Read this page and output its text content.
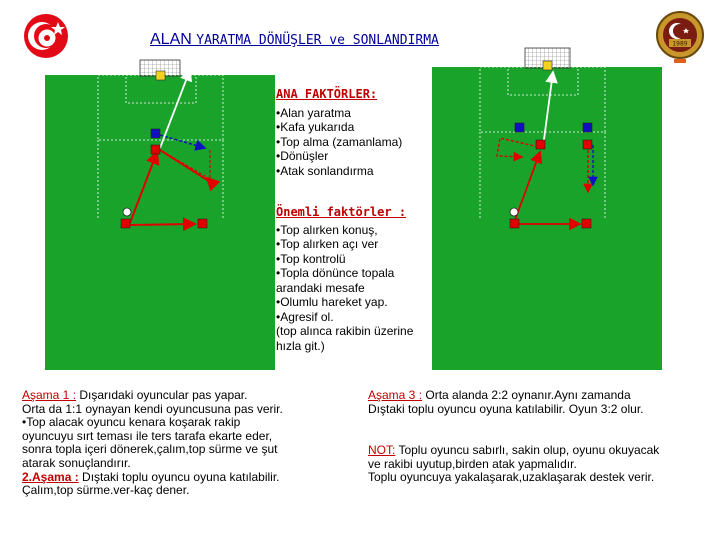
1989
ALAN YARATMA DÖNÜŞLER ve SONLANDIRMA
ANA FAKTÖRLER:
•Alan yaratma
•Kafa yukarıda
•Top alma (zamanlama)
•Dönüşler
•Atak sonlandırma
Önemli faktörler :
•Top alırken konuş,
•Top alırken açı ver
•Top kontrolü
•Topla dönünce topala
arandaki mesafe
•Olumlu hareket yap.
•Agresif ol.
(top alınca rakibin üzerine
hızla git.)
Aşama 1 : Dışarıdaki oyuncular pas yapar.
Orta da 1:1 oynayan kendi oyuncusuna pas verir.
•Top alacak oyuncu kenara koşarak rakip
oyuncuyu sırt teması ile ters tarafa ekarte eder,
sonra topla içeri dönerek,çalım,top sürme ve şut
atarak sonuçlandırır.
2.Aşama : Dıştaki toplu oyuncu oyuna katılabilir.
Çalım,top sürme.ver-kaç dener.
Aşama 3 : Orta alanda 2:2 oynanır.Aynı zamanda
Dıştaki toplu oyuncu oyuna katılabilir. Oyun 3:2 olur.
NOT: Toplu oyuncu sabırlı, sakin olup, oyunu okuyacak
ve rakibi uyutup,birden atak yapmalıdır.
Toplu oyuncuya yakalaşarak,uzaklaşarak destek verir.
